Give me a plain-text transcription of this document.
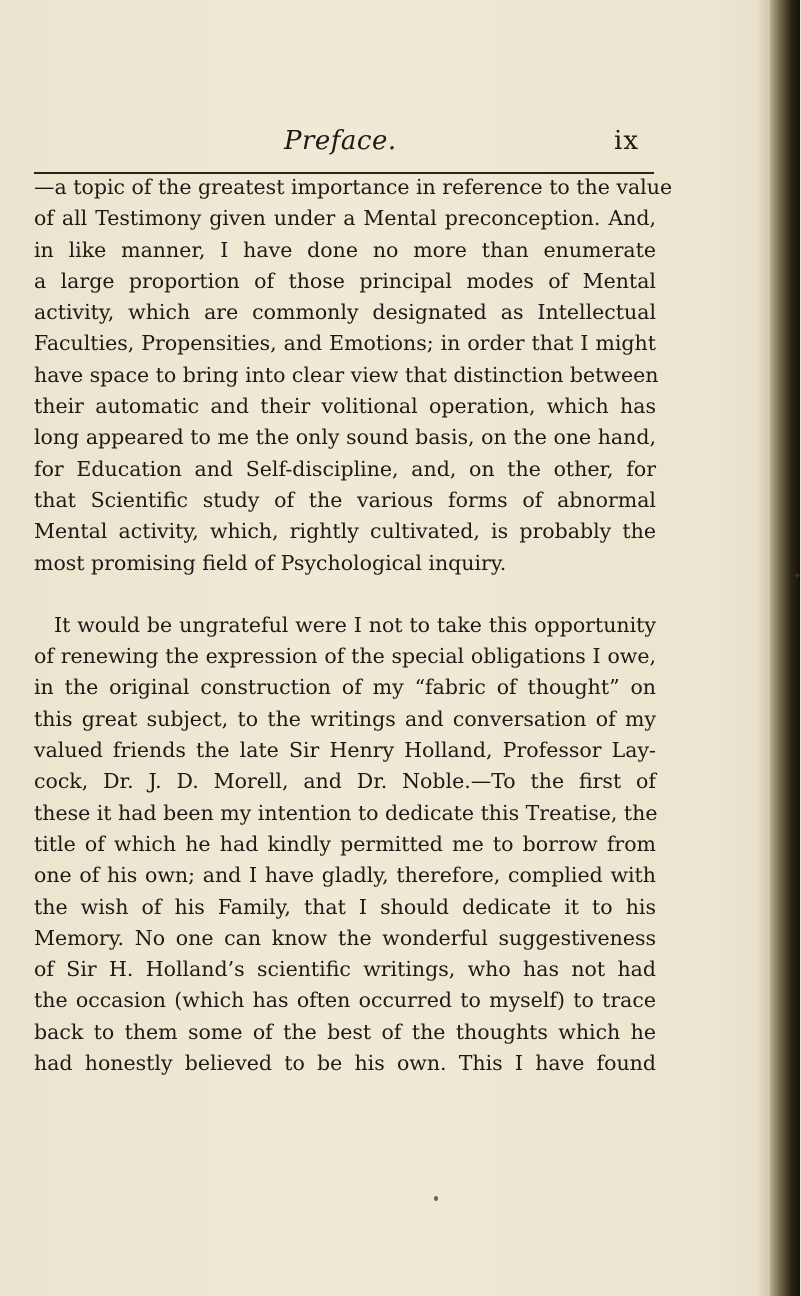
Preface.	ix

—a topic of the greatest importance in reference to the value
of all Testimony given under a Mental preconception. And,
in like manner, I have done no more than enumerate
a large proportion of those principal modes of Mental
activity, which are commonly designated as Intellectual
Faculties, Propensities, and Emotions; in order that I might
have space to bring into clear view that distinction between
their automatic and their volitional operation, which has
long appeared to me the only sound basis, on the one hand,
for Education and Self-discipline, and, on the other, for
that Scientific study of the various forms of abnormal
Mental activity, which, rightly cultivated, is probably the
most promising field of Psychological inquiry.

It would be ungrateful were I not to take this opportunity
of renewing the expression of the special obligations I owe,
in the original construction of my “fabric of thought” on
this great subject, to the writings and conversation of my
valued friends the late Sir Henry Holland, Professor Lay-
cock, Dr. J. D. Morell, and Dr. Noble.—To the first of
these it had been my intention to dedicate this Treatise, the
title of which he had kindly permitted me to borrow from
one of his own; and I have gladly, therefore, complied with
the wish of his Family, that I should dedicate it to his
Memory. No one can know the wonderful suggestiveness
of Sir H. Holland’s scientific writings, who has not had
the occasion (which has often occurred to myself) to trace
back to them some of the best of the thoughts which he
had honestly believed to be his own. This I have found

✦
